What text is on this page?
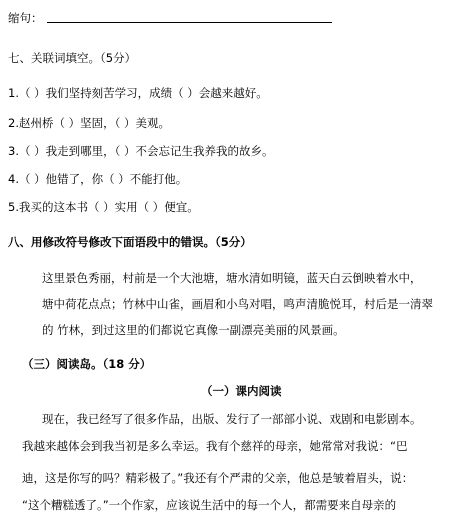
缩句：
七、关联词填空。（5分）
1.（ ）我们坚持刻苦学习，成绩（ ）会越来越好。
2.赵州桥（ ）坚固，（ ）美观。
3.（ ）我走到哪里，（ ）不会忘记生我养我的故乡。
4.（ ）他错了，你（ ）不能打他。
5.我买的这本书（ ）实用（ ）便宜。
八、用修改符号修改下面语段中的错误。（5分）
这里景色秀丽，村前是一个大池塘，塘水清如明镜，蓝天白云倒映着水中，
塘中荷花点点；竹林中山雀，画眉和小鸟对唱，鸣声清脆悦耳，村后是一清翠
的 竹林，到过这里的们都说它真像一副漂亮美丽的风景画。
（三）阅读岛。（18 分）
（一）课内阅读
现在，我已经写了很多作品，出版、发行了一部部小说、戏剧和电影剧本。
我越来越体会到我当初是多么幸运。我有个慈祥的母亲，她常常对我说：“巴
迪，这是你写的吗？精彩极了。”我还有个严肃的父亲，他总是皱着眉头，说：
“这个糟糕透了。”一个作家，应该说生活中的每一个人，都需要来自母亲的
